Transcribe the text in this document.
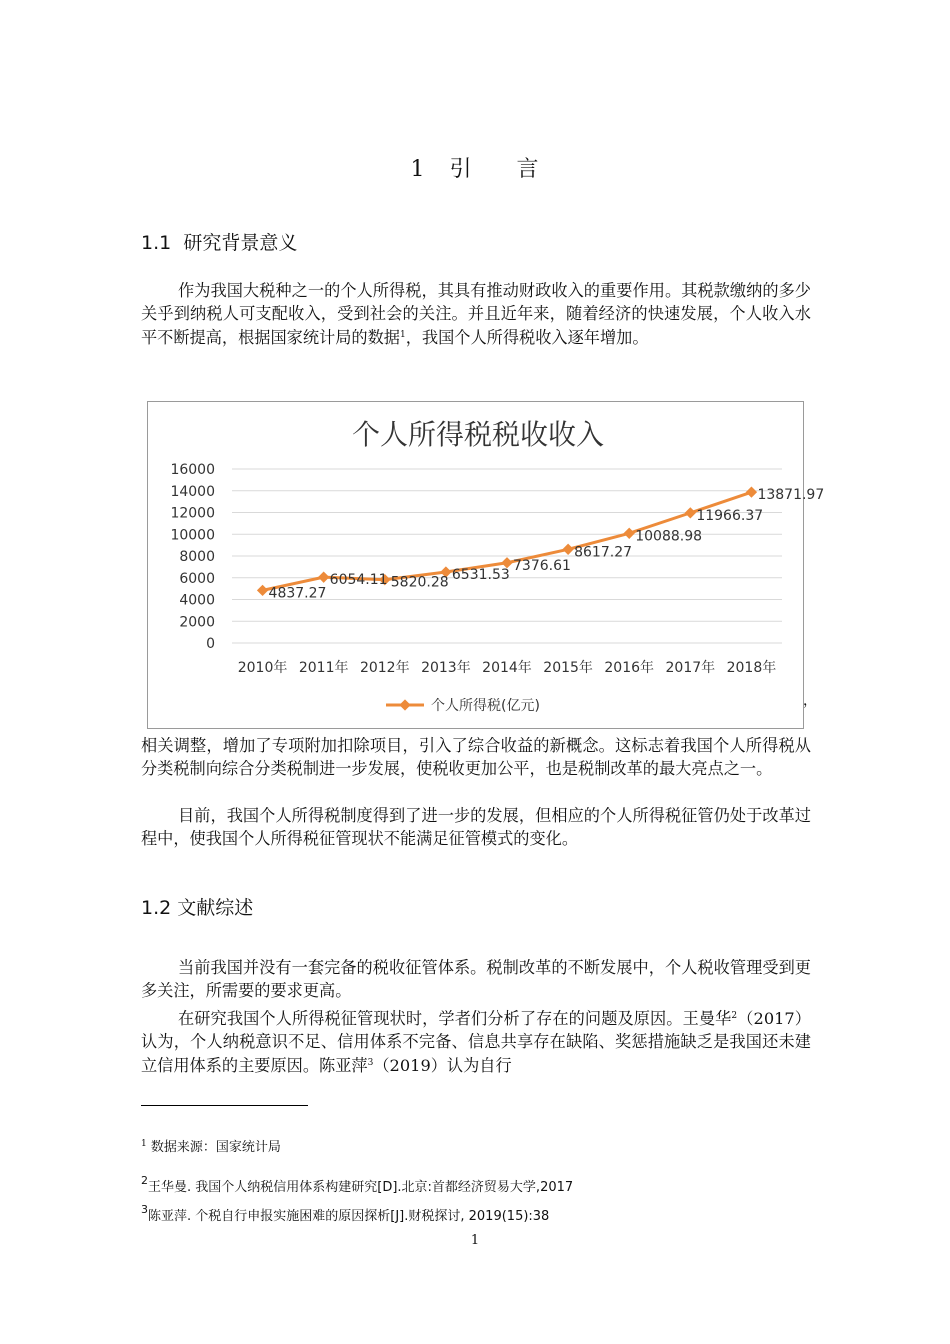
1 引 言
1.1 研究背景意义

作为我国大税种之一的个人所得税，其具有推动财政收入的重要作用。其税款缴纳的多少关乎到纳税人可支配收入，受到社会的关注。并且近年来，随着经济的快速发展，个人收入水平不断提高，根据国家统计局的数据$^1$，我国个人所得税收入逐年增加。

个人所得税税收收入
0
2000
4000
6000
8000
10000
12000
14000
16000
2010年 2011年 2012年 2013年 2014年 2015年 2016年 2017年 2018年
4837.27
6054.11 5820.28 6531.53
7376.61
8617.27
10088.98
11966.37
13871.97
个人所得税(亿元)	，

相关调整，增加了专项附加扣除项目，引入了综合收益的新概念。这标志着我国个人所得税从分类税制向综合分类税制进一步发展，使税收更加公平，也是税制改革的最大亮点之一。

目前，我国个人所得税制度得到了进一步的发展，但相应的个人所得税征管仍处于改革过程中，使我国个人所得税征管现状不能满足征管模式的变化。

1.2 文献综述

当前我国并没有一套完备的税收征管体系。税制改革的不断发展中，个人税收管理受到更多关注，所需要的要求更高。

在研究我国个人所得税征管现状时，学者们分析了存在的问题及原因。王曼华$^2$（2017）认为，个人纳税意识不足、信用体系不完备、信息共享存在缺陷、奖惩措施缺乏是我国还未建立信用体系的主要原因。陈亚萍$^3$（2019）认为自行

$^1$ 数据来源：国家统计局
$^2$王华曼. 我国个人纳税信用体系构建研究[D].北京:首都经济贸易大学,2017
$^3$陈亚萍. 个税自行申报实施困难的原因探析[J].财税探讨, 2019(15):38
1
